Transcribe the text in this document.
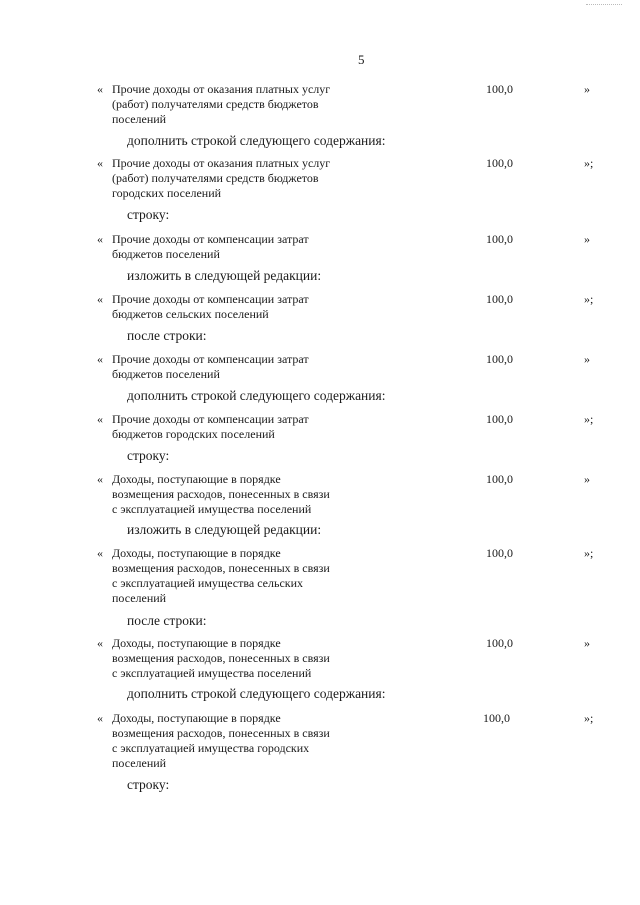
5
« Прочие доходы от оказания платных услуг
(работ) получателями средств бюджетов
поселений
100,0	»
дополнить строкой следующего содержания:
« Прочие доходы от оказания платных услуг
(работ) получателями средств бюджетов
городских поселений
100,0	»;
строку:
« Прочие доходы от компенсации затрат
бюджетов поселений
100,0	»
изложить в следующей редакции:
« Прочие доходы от компенсации затрат
бюджетов сельских поселений
100,0	»;
после строки:
« Прочие доходы от компенсации затрат
бюджетов поселений
100,0	»
дополнить строкой следующего содержания:
« Прочие доходы от компенсации затрат
бюджетов городских поселений
100,0	»;
строку:
« Доходы, поступающие в порядке
возмещения расходов, понесенных в связи
с эксплуатацией имущества поселений
100,0	»
изложить в следующей редакции:
« Доходы, поступающие в порядке
возмещения расходов, понесенных в связи
с эксплуатацией имущества сельских
поселений
100,0	»;
после строки:
« Доходы, поступающие в порядке
возмещения расходов, понесенных в связи
с эксплуатацией имущества поселений
100,0	»
дополнить строкой следующего содержания:
« Доходы, поступающие в порядке
возмещения расходов, понесенных в связи
с эксплуатацией имущества городских
поселений
100,0	»;
строку:
